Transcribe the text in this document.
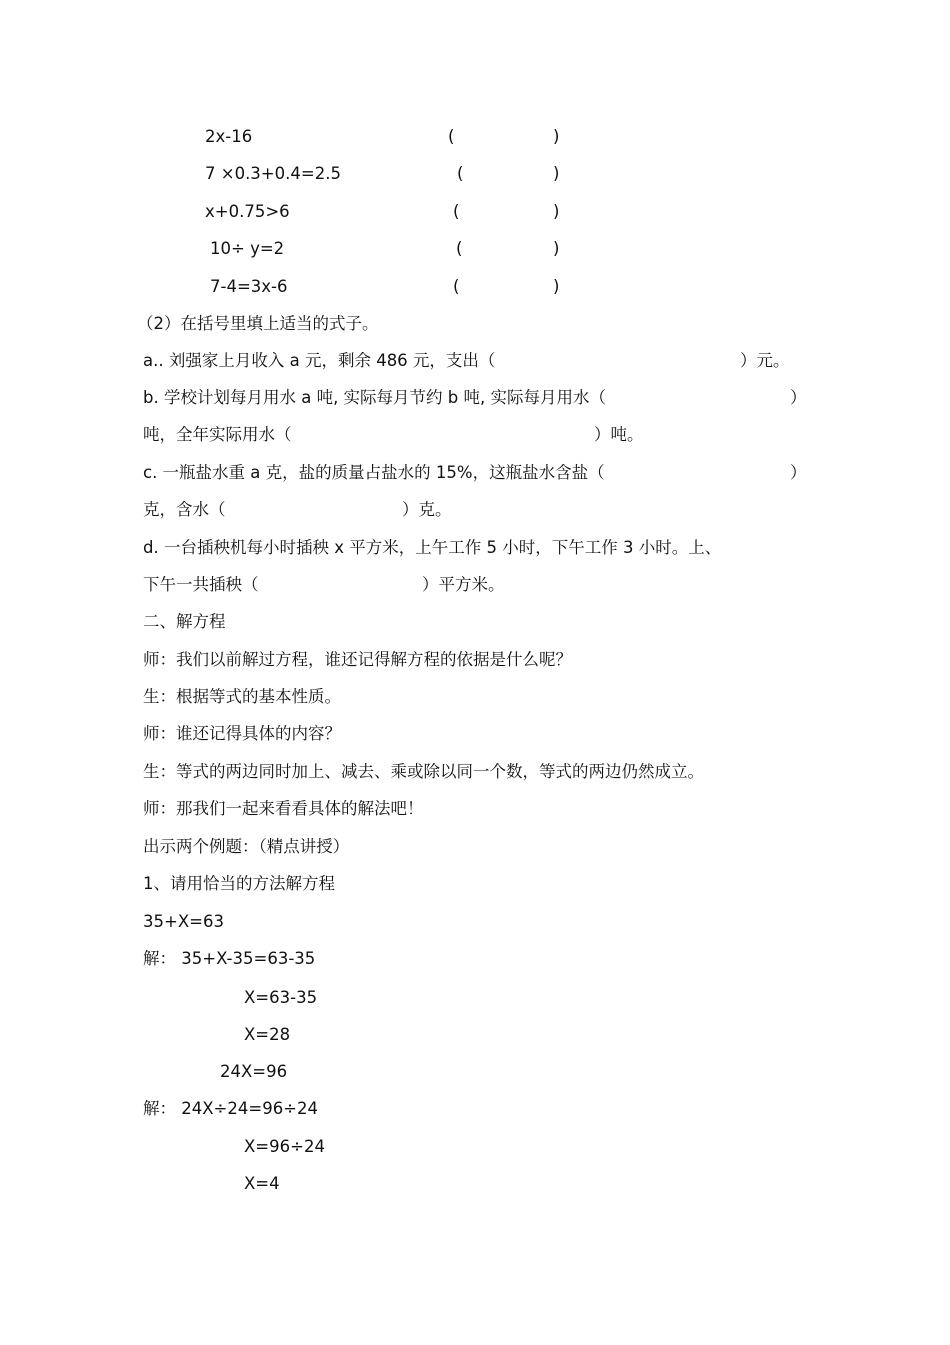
2x-16	(	)
7 ×0.3+0.4=2.5	(	)
x+0.75>6	(	)
10÷ y=2	(	)
7-4=3x-6	(	)
（2）在括号里填上适当的式子。
a.. 刘强家上月收入 a 元，剩余 486 元，支出（	）元。
b. 学校计划每月用水 a 吨, 实际每月节约 b 吨, 实际每月用水（	）
吨，全年实际用水（	）吨。
c. 一瓶盐水重 a 克，盐的质量占盐水的 15%，这瓶盐水含盐（	）
克，含水（	）克。
d. 一台插秧机每小时插秧 x 平方米，上午工作 5 小时，下午工作 3 小时。上、
下午一共插秧（	）平方米。
二、解方程
师：我们以前解过方程，谁还记得解方程的依据是什么呢？
生：根据等式的基本性质。
师：谁还记得具体的内容？
生：等式的两边同时加上、减去、乘或除以同一个数，等式的两边仍然成立。
师：那我们一起来看看具体的解法吧！
出示两个例题：（精点讲授）
1、请用恰当的方法解方程
35+X=63
解： 35+X-35=63-35
X=63-35
X=28
24X=96
解： 24X÷24=96÷24
X=96÷24
X=4
